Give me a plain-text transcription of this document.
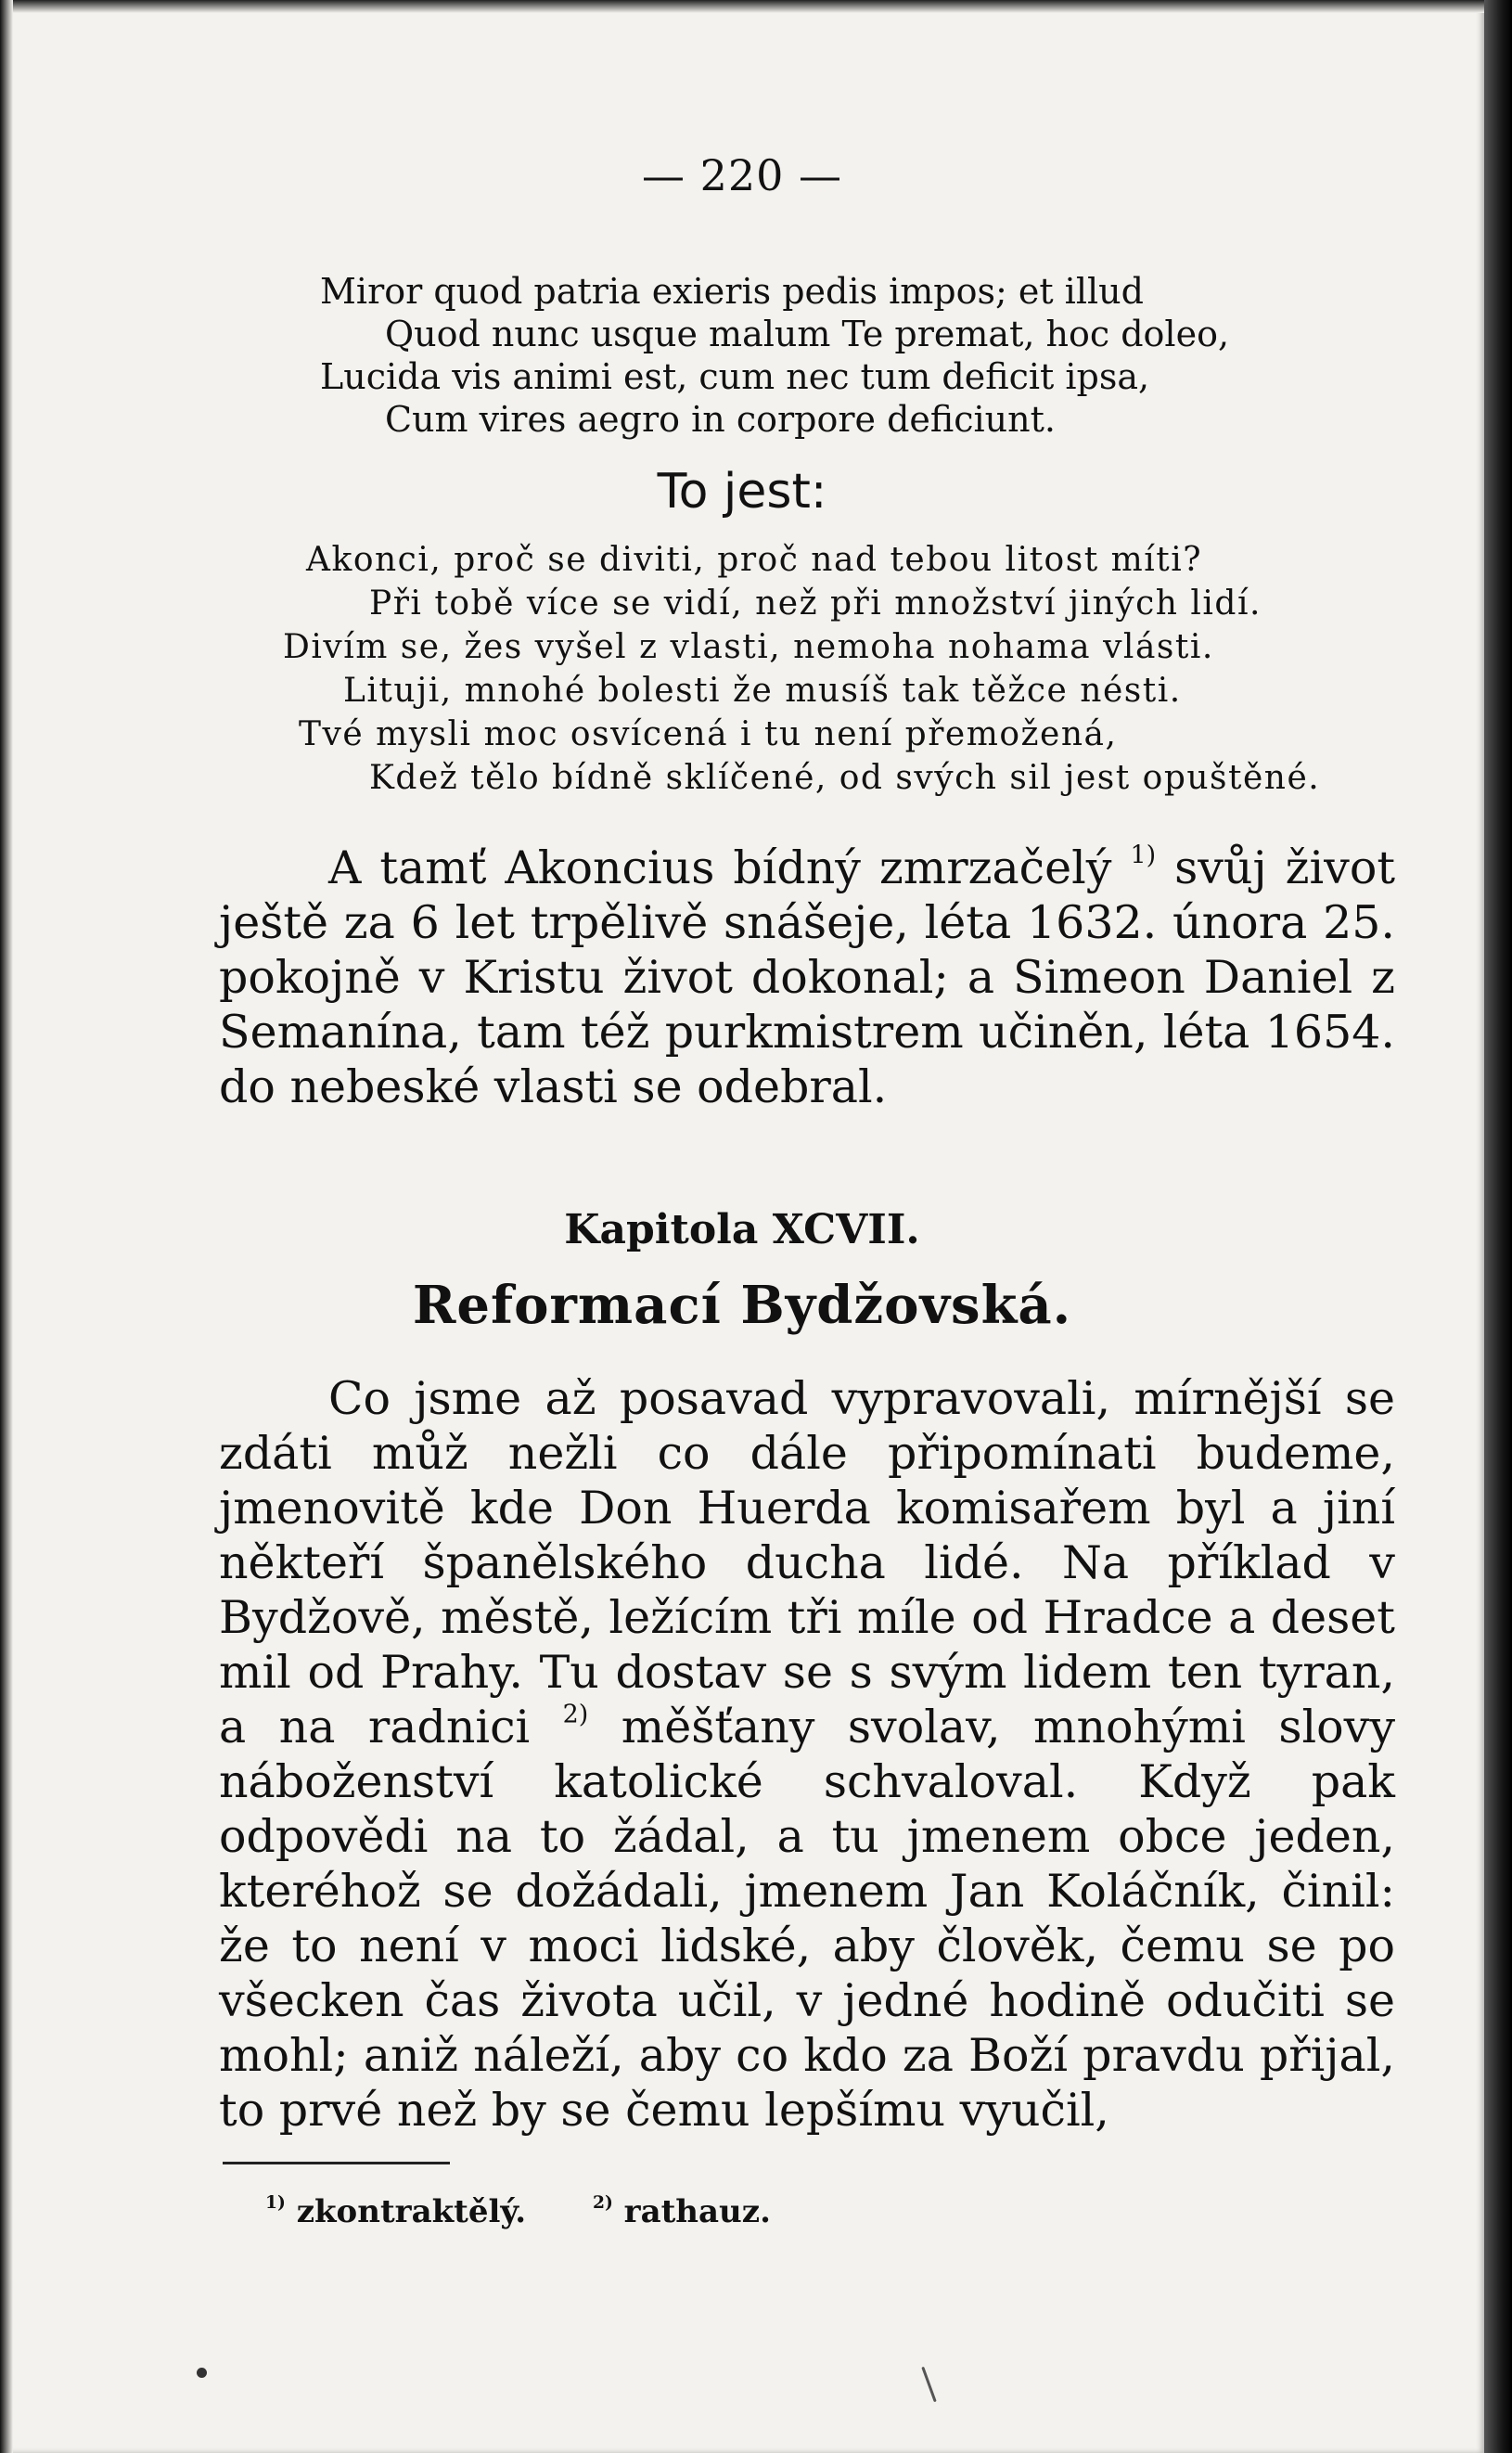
— 220 —
Miror quod patria exieris pedis impos; et illud
Quod nunc usque malum Te premat, hoc doleo,
Lucida vis animi est, cum nec tum deficit ipsa,
Cum vires aegro in corpore deficiunt.
To jest:
Akonci, proč se diviti, proč nad tebou litost míti?
Při tobě více se vidí, než při množství jiných lidí.
Divím se, žes vyšel z vlasti, nemoha nohama vlásti.
Lituji, mnohé bolesti že musíš tak těžce nésti.
Tvé mysli moc osvícená i tu není přemožená,
Kdež tělo bídně sklíčené, od svých sil jest opuštěné.

A tamť Akoncius bídný zmrzačelý $^{1)}$ svůj život ještě za 6 let trpělivě snášeje, léta 1632. února 25. pokojně v Kristu život dokonal; a Simeon Daniel z Semanína, tam též purkmistrem učiněn, léta 1654. do nebeské vlasti se odebral.

Kapitola XCVII.
Reformací Bydžovská.

Co jsme až posavad vypravovali, mírnější se zdáti můž nežli co dále připomínati budeme, jmenovitě kde Don Huerda komisařem byl a jiní někteří španělského ducha lidé. Na příklad v Bydžově, městě, ležícím tři míle od Hradce a deset mil od Prahy. Tu dostav se s svým lidem ten tyran, a na radnici $^{2)}$ měšťany svolav, mnohými slovy náboženství katolické schvaloval. Když pak odpovědi na to žádal, a tu jmenem obce jeden, kteréhož se dožádali, jmenem Jan Koláčník, činil: že to není v moci lidské, aby člověk, čemu se po všecken čas života učil, v jedné hodině odučiti se mohl; aniž náleží, aby co kdo za Boží pravdu přijal, to prvé než by se čemu lepšímu vyučil,

$^{1)}$ zkontraktělý.	$^{2)}$ rathauz.
